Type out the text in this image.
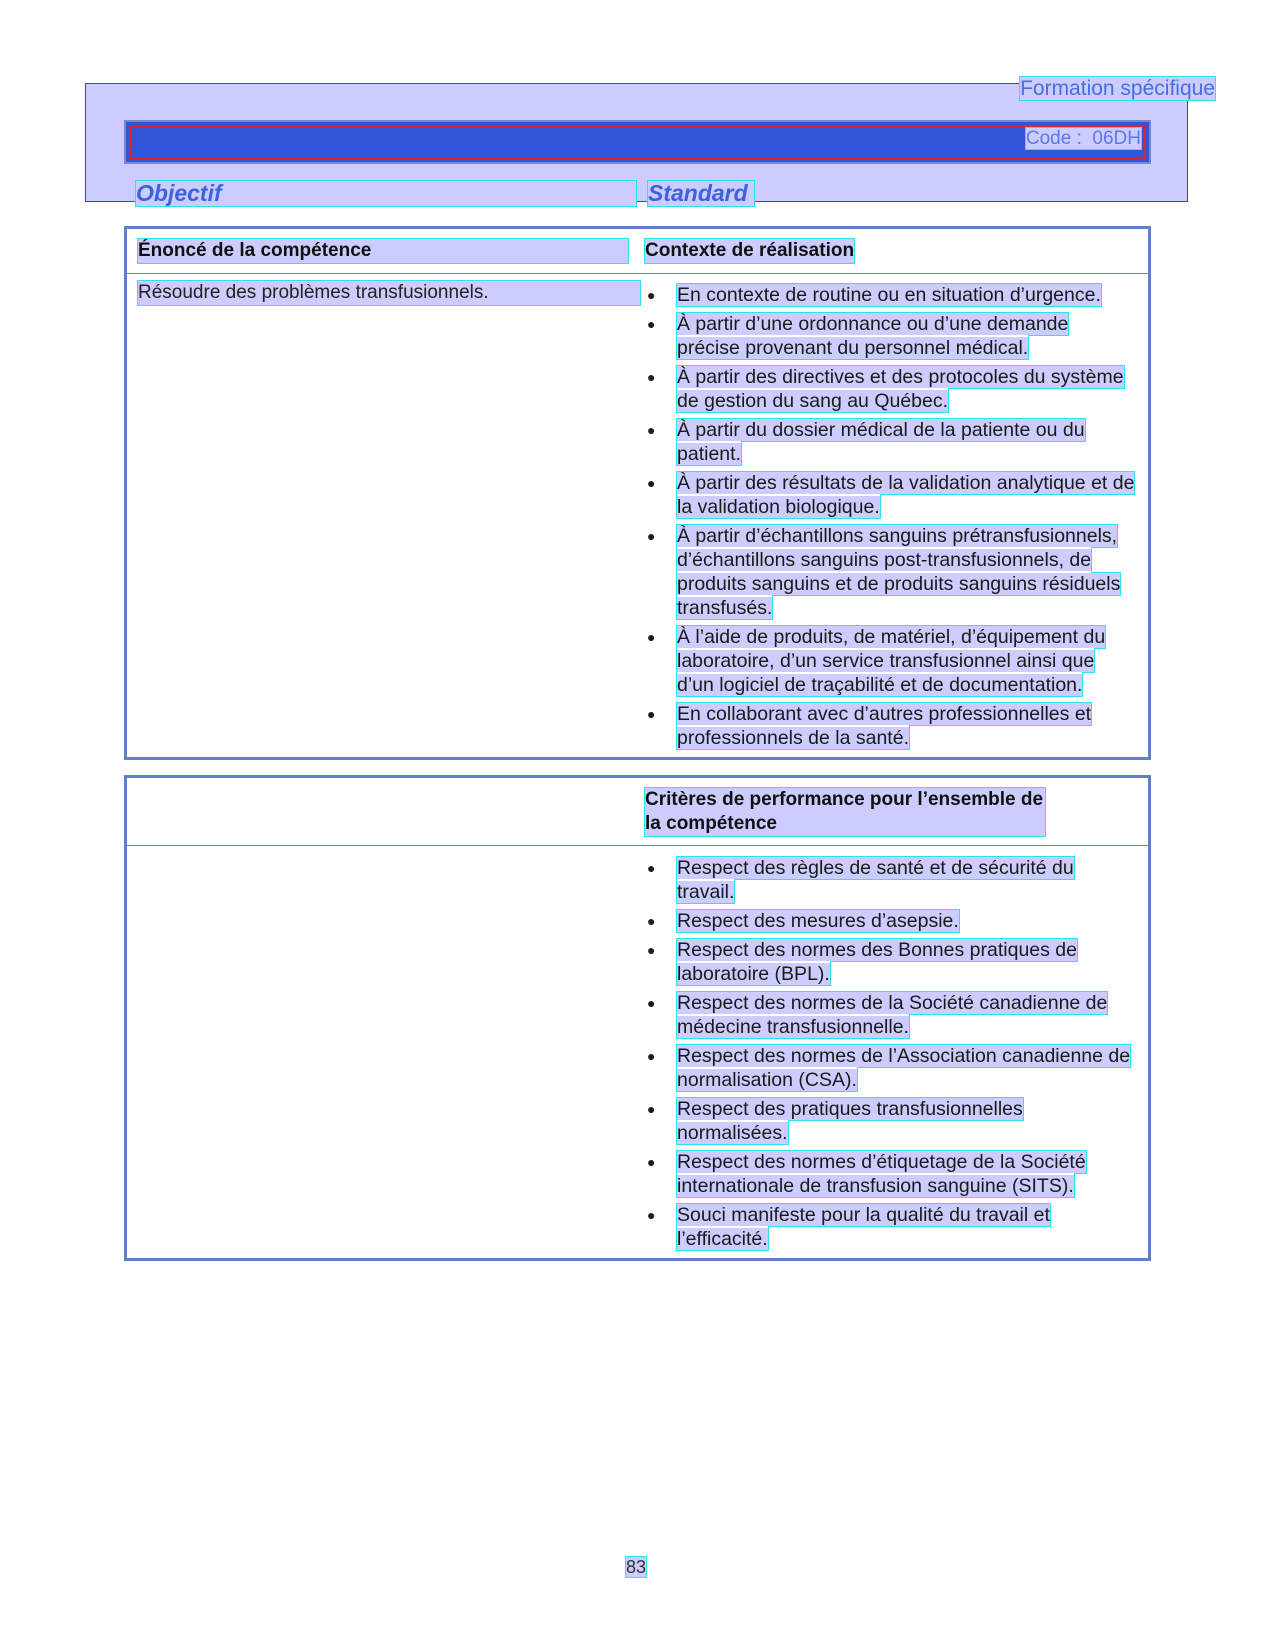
Formation spécifique
Code :  06DH
Objectif	Standard
Énoncé de la compétence	Contexte de réalisation
Résoudre des problèmes transfusionnels.	● En contexte de routine ou en situation d’urgence.
● À partir d’une ordonnance ou d’une demande précise provenant du personnel médical.
● À partir des directives et des protocoles du système de gestion du sang au Québec.
● À partir du dossier médical de la patiente ou du patient.
● À partir des résultats de la validation analytique et de la validation biologique.
● À partir d’échantillons sanguins prétransfusionnels, d’échantillons sanguins post-transfusionnels, de produits sanguins et de produits sanguins résiduels transfusés.
● À l’aide de produits, de matériel, d’équipement du laboratoire, d’un service transfusionnel ainsi que d’un logiciel de traçabilité et de documentation.
● En collaborant avec d’autres professionnelles et professionnels de la santé.
Critères de performance pour l’ensemble de la compétence
● Respect des règles de santé et de sécurité du travail.
● Respect des mesures d’asepsie.
● Respect des normes des Bonnes pratiques de laboratoire (BPL).
● Respect des normes de la Société canadienne de médecine transfusionnelle.
● Respect des normes de l’Association canadienne de normalisation (CSA).
● Respect des pratiques transfusionnelles normalisées.
● Respect des normes d’étiquetage de la Société internationale de transfusion sanguine (SITS).
● Souci manifeste pour la qualité du travail et l’efficacité.
83
